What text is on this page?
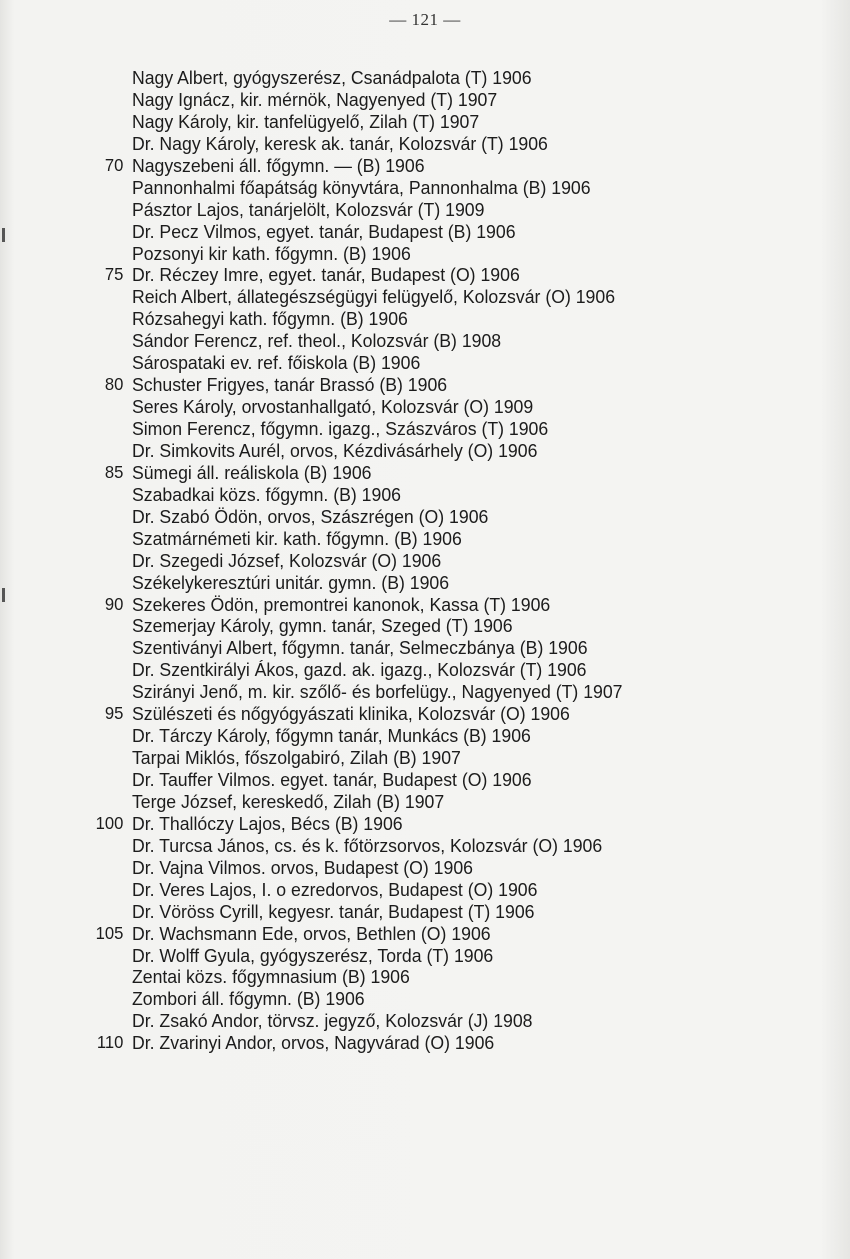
— 121 —
Nagy Albert, gyógyszerész, Csanádpalota (T) 1906
Nagy Ignácz, kir. mérnök, Nagyenyed (T) 1907
Nagy Károly, kir. tanfelügyelő, Zilah (T) 1907
Dr. Nagy Károly, keresk ak. tanár, Kolozsvár (T) 1906
70 Nagyszebeni áll. főgymn. — (B) 1906
Pannonhalmi főapátság könyvtára, Pannonhalma (B) 1906
Pásztor Lajos, tanárjelölt, Kolozsvár (T) 1909
Dr. Pecz Vilmos, egyet. tanár, Budapest (B) 1906
Pozsonyi kir kath. főgymn. (B) 1906
75 Dr. Réczey Imre, egyet. tanár, Budapest (O) 1906
Reich Albert, állategészségügyi felügyelő, Kolozsvár (O) 1906
Rózsahegyi kath. főgymn. (B) 1906
Sándor Ferencz, ref. theol., Kolozsvár (B) 1908
Sárospataki ev. ref. főiskola (B) 1906
80 Schuster Frigyes, tanár Brassó (B) 1906
Seres Károly, orvostanhallgató, Kolozsvár (O) 1909
Simon Ferencz, főgymn. igazg., Szászváros (T) 1906
Dr. Simkovits Aurél, orvos, Kézdivásárhely (O) 1906
85 Sümegi áll. reáliskola (B) 1906
Szabadkai közs. főgymn. (B) 1906
Dr. Szabó Ödön, orvos, Szászrégen (O) 1906
Szatmárnémeti kir. kath. főgymn. (B) 1906
Dr. Szegedi József, Kolozsvár (O) 1906
Székelykeresztúri unitár. gymn. (B) 1906
90 Szekeres Ödön, premontrei kanonok, Kassa (T) 1906
Szemerjay Károly, gymn. tanár, Szeged (T) 1906
Szentiványi Albert, főgymn. tanár, Selmeczbánya (B) 1906
Dr. Szentkirályi Ákos, gazd. ak. igazg., Kolozsvár (T) 1906
Szirányi Jenő, m. kir. szőlő- és borfelügy., Nagyenyed (T) 1907
95 Szülészeti és nőgyógyászati klinika, Kolozsvár (O) 1906
Dr. Tárczy Károly, főgymn tanár, Munkács (B) 1906
Tarpai Miklós, főszolgabiró, Zilah (B) 1907
Dr. Tauffer Vilmos. egyet. tanár, Budapest (O) 1906
Terge József, kereskedő, Zilah (B) 1907
100 Dr. Thallóczy Lajos, Bécs (B) 1906
Dr. Turcsa János, cs. és k. főtörzsorvos, Kolozsvár (O) 1906
Dr. Vajna Vilmos. orvos, Budapest (O) 1906
Dr. Veres Lajos, I. o ezredorvos, Budapest (O) 1906
Dr. Vöröss Cyrill, kegyesr. tanár, Budapest (T) 1906
105 Dr. Wachsmann Ede, orvos, Bethlen (O) 1906
Dr. Wolff Gyula, gyógyszerész, Torda (T) 1906
Zentai közs. főgymnasium (B) 1906
Zombori áll. főgymn. (B) 1906
Dr. Zsakó Andor, törvsz. jegyző, Kolozsvár (J) 1908
110 Dr. Zvarinyi Andor, orvos, Nagyvárad (O) 1906
